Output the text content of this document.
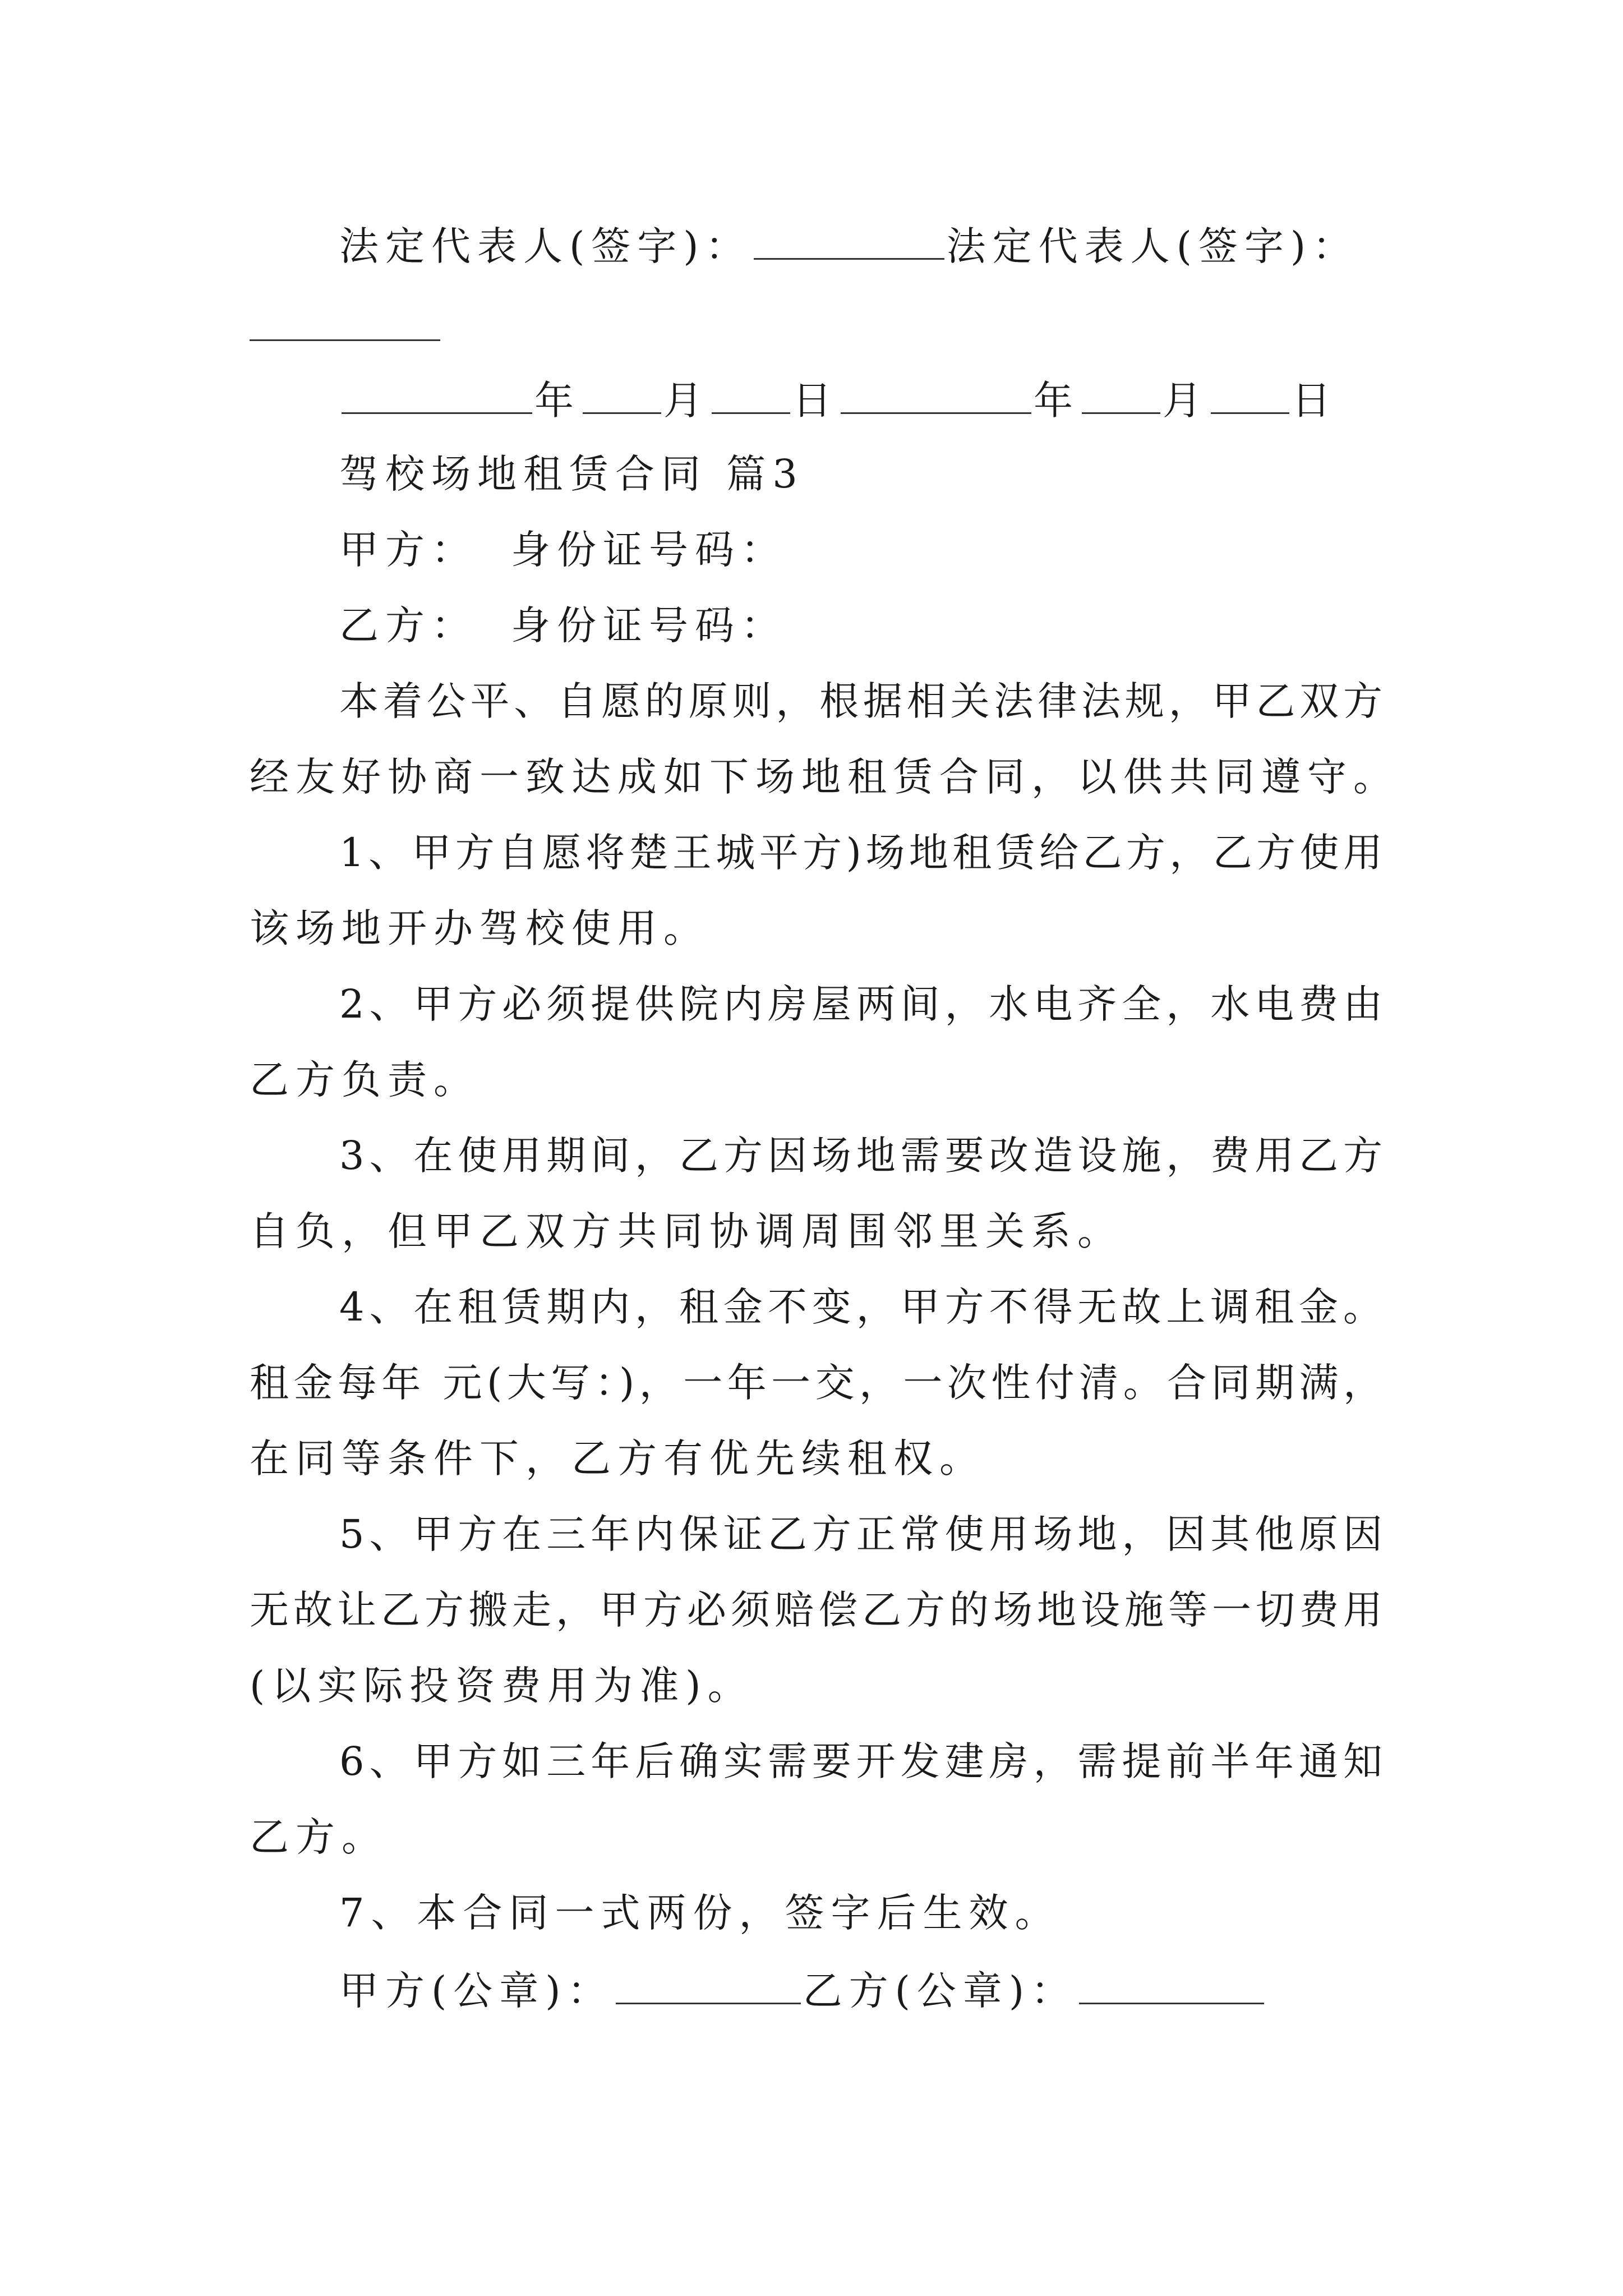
法定代表人(签字)：	法定代表人(签字)：
年 月 日	年 月 日
驾校场地租赁合同 篇3
甲方： 身份证号码：
乙方： 身份证号码：
本着公平、自愿的原则，根据相关法律法规，甲乙双方
经友好协商一致达成如下场地租赁合同，以供共同遵守。
1、甲方自愿将楚王城平方)场地租赁给乙方，乙方使用
该场地开办驾校使用。
2、甲方必须提供院内房屋两间，水电齐全，水电费由
乙方负责。
3、在使用期间，乙方因场地需要改造设施，费用乙方
自负，但甲乙双方共同协调周围邻里关系。
4、在租赁期内，租金不变，甲方不得无故上调租金。
租金每年 元(大写：)，一年一交，一次性付清。合同期满，
在同等条件下，乙方有优先续租权。
5、甲方在三年内保证乙方正常使用场地，因其他原因
无故让乙方搬走，甲方必须赔偿乙方的场地设施等一切费用
(以实际投资费用为准)。
6、甲方如三年后确实需要开发建房，需提前半年通知
乙方。
7、本合同一式两份，签字后生效。
甲方(公章)：	乙方(公章)：
